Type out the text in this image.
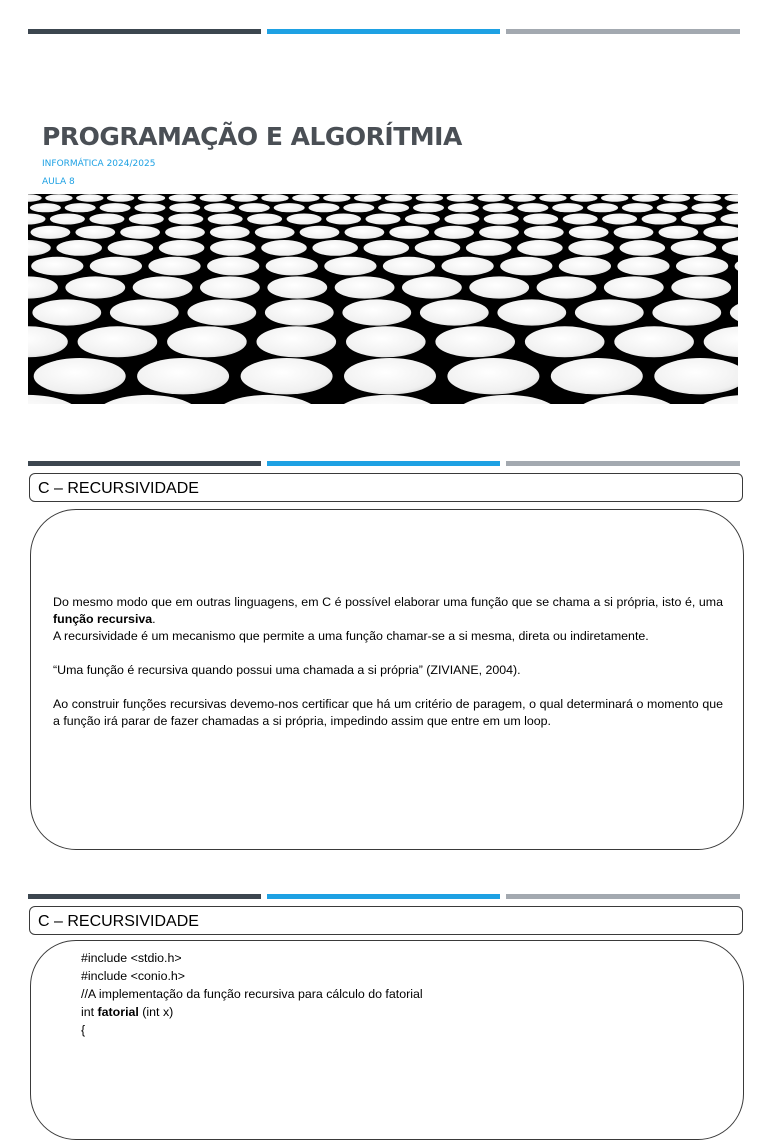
PROGRAMAÇÃO E ALGORÍTMIA

INFORMÁTICA 2024/2025

AULA 8

C – RECURSIVIDADE

Do mesmo modo que em outras linguagens, em C é possível elaborar uma função que se chama a si própria, isto é, uma função recursiva.

A recursividade é um mecanismo que permite a uma função chamar-se a si mesma, direta ou indiretamente.

“Uma função é recursiva quando possui uma chamada a si própria” (ZIVIANE, 2004).

Ao construir funções recursivas devemo-nos certificar que há um critério de paragem, o qual determinará o momento que a função irá parar de fazer chamadas a si própria, impedindo assim que entre em um loop.

C – RECURSIVIDADE
#include <stdio.h>
#include <conio.h>
//A implementação da função recursiva para cálculo do fatorial
int fatorial (int x)
{
